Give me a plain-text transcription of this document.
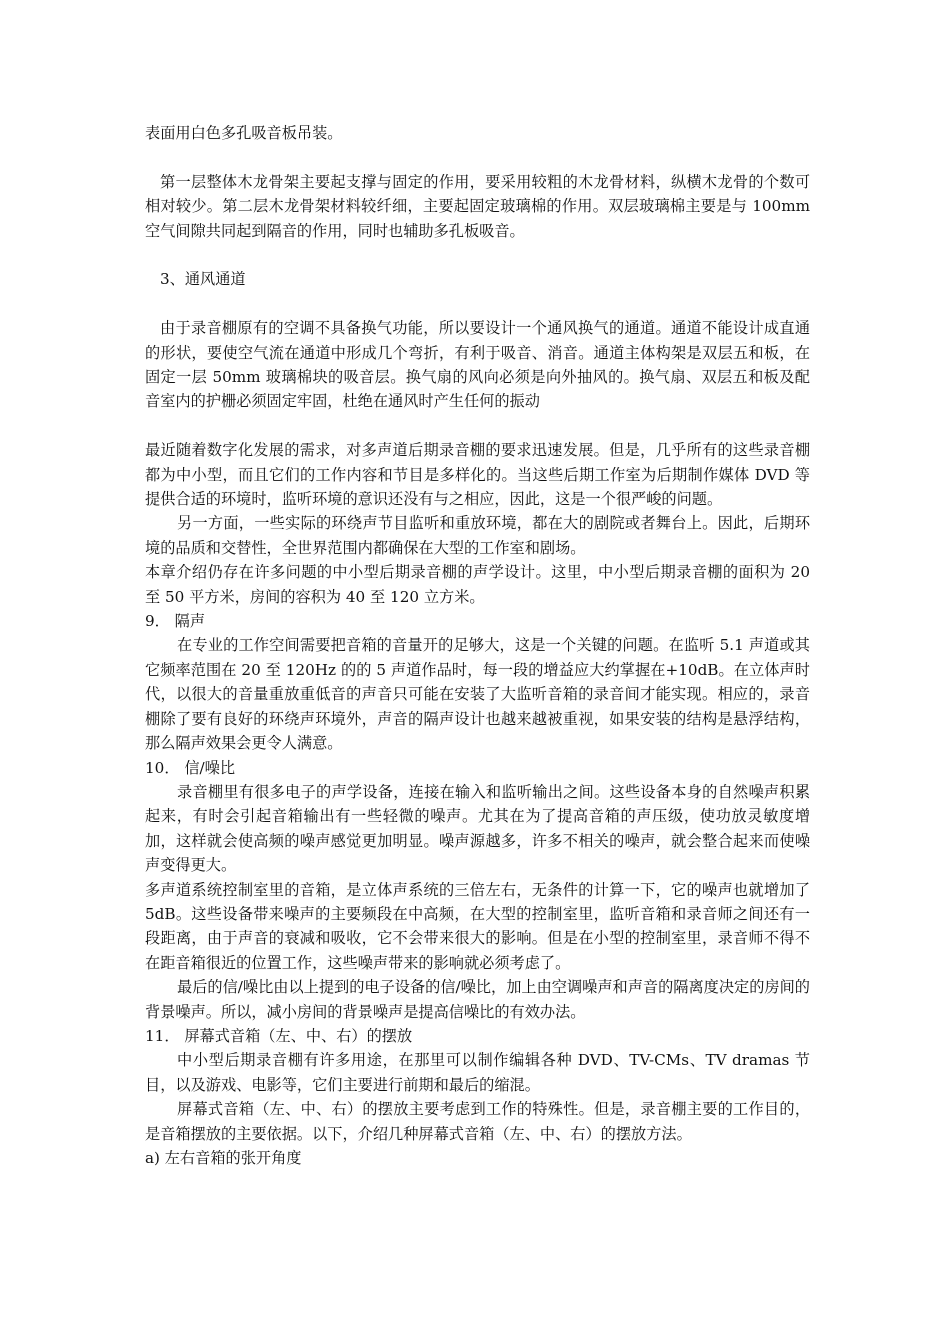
表面用白色多孔吸音板吊装。

第一层整体木龙骨架主要起支撑与固定的作用，要采用较粗的木龙骨材料，纵横木龙骨的个数可相对较少。第二层木龙骨架材料较纤细，主要起固定玻璃棉的作用。双层玻璃棉主要是与 100mm 空气间隙共同起到隔音的作用，同时也辅助多孔板吸音。

3、通风通道

由于录音棚原有的空调不具备换气功能，所以要设计一个通风换气的通道。通道不能设计成直通的形状，要使空气流在通道中形成几个弯折，有利于吸音、消音。通道主体构架是双层五和板，在固定一层 50mm 玻璃棉块的吸音层。换气扇的风向必须是向外抽风的。换气扇、双层五和板及配音室内的护栅必须固定牢固，杜绝在通风时产生任何的振动

最近随着数字化发展的需求，对多声道后期录音棚的要求迅速发展。但是，几乎所有的这些录音棚都为中小型，而且它们的工作内容和节目是多样化的。当这些后期工作室为后期制作媒体 DVD 等提供合适的环境时，监听环境的意识还没有与之相应，因此，这是一个很严峻的问题。

另一方面，一些实际的环绕声节目监听和重放环境，都在大的剧院或者舞台上。因此，后期环境的品质和交替性，全世界范围内都确保在大型的工作室和剧场。

本章介绍仍存在许多问题的中小型后期录音棚的声学设计。这里，中小型后期录音棚的面积为 20 至 50 平方米，房间的容积为 40 至 120 立方米。

9． 隔声

在专业的工作空间需要把音箱的音量开的足够大，这是一个关键的问题。在监听 5.1 声道或其它频率范围在 20 至 120Hz 的的 5 声道作品时，每一段的增益应大约掌握在+10dB。在立体声时代，以很大的音量重放重低音的声音只可能在安装了大监听音箱的录音间才能实现。相应的，录音棚除了要有良好的环绕声环境外，声音的隔声设计也越来越被重视，如果安装的结构是悬浮结构，那么隔声效果会更令人满意。

10． 信/噪比

录音棚里有很多电子的声学设备，连接在输入和监听输出之间。这些设备本身的自然噪声积累起来，有时会引起音箱输出有一些轻微的噪声。尤其在为了提高音箱的声压级，使功放灵敏度增加，这样就会使高频的噪声感觉更加明显。噪声源越多，许多不相关的噪声，就会整合起来而使噪声变得更大。

多声道系统控制室里的音箱，是立体声系统的三倍左右，无条件的计算一下，它的噪声也就增加了 5dB。这些设备带来噪声的主要频段在中高频，在大型的控制室里，监听音箱和录音师之间还有一段距离，由于声音的衰减和吸收，它不会带来很大的影响。但是在小型的控制室里，录音师不得不在距音箱很近的位置工作，这些噪声带来的影响就必须考虑了。

最后的信/噪比由以上提到的电子设备的信/噪比，加上由空调噪声和声音的隔离度决定的房间的背景噪声。所以，减小房间的背景噪声是提高信噪比的有效办法。

11． 屏幕式音箱（左、中、右）的摆放

中小型后期录音棚有许多用途，在那里可以制作编辑各种 DVD、TV-CMs、TV dramas 节目，以及游戏、电影等，它们主要进行前期和最后的缩混。

屏幕式音箱（左、中、右）的摆放主要考虑到工作的特殊性。但是，录音棚主要的工作目的，是音箱摆放的主要依据。以下，介绍几种屏幕式音箱（左、中、右）的摆放方法。

a) 左右音箱的张开角度
